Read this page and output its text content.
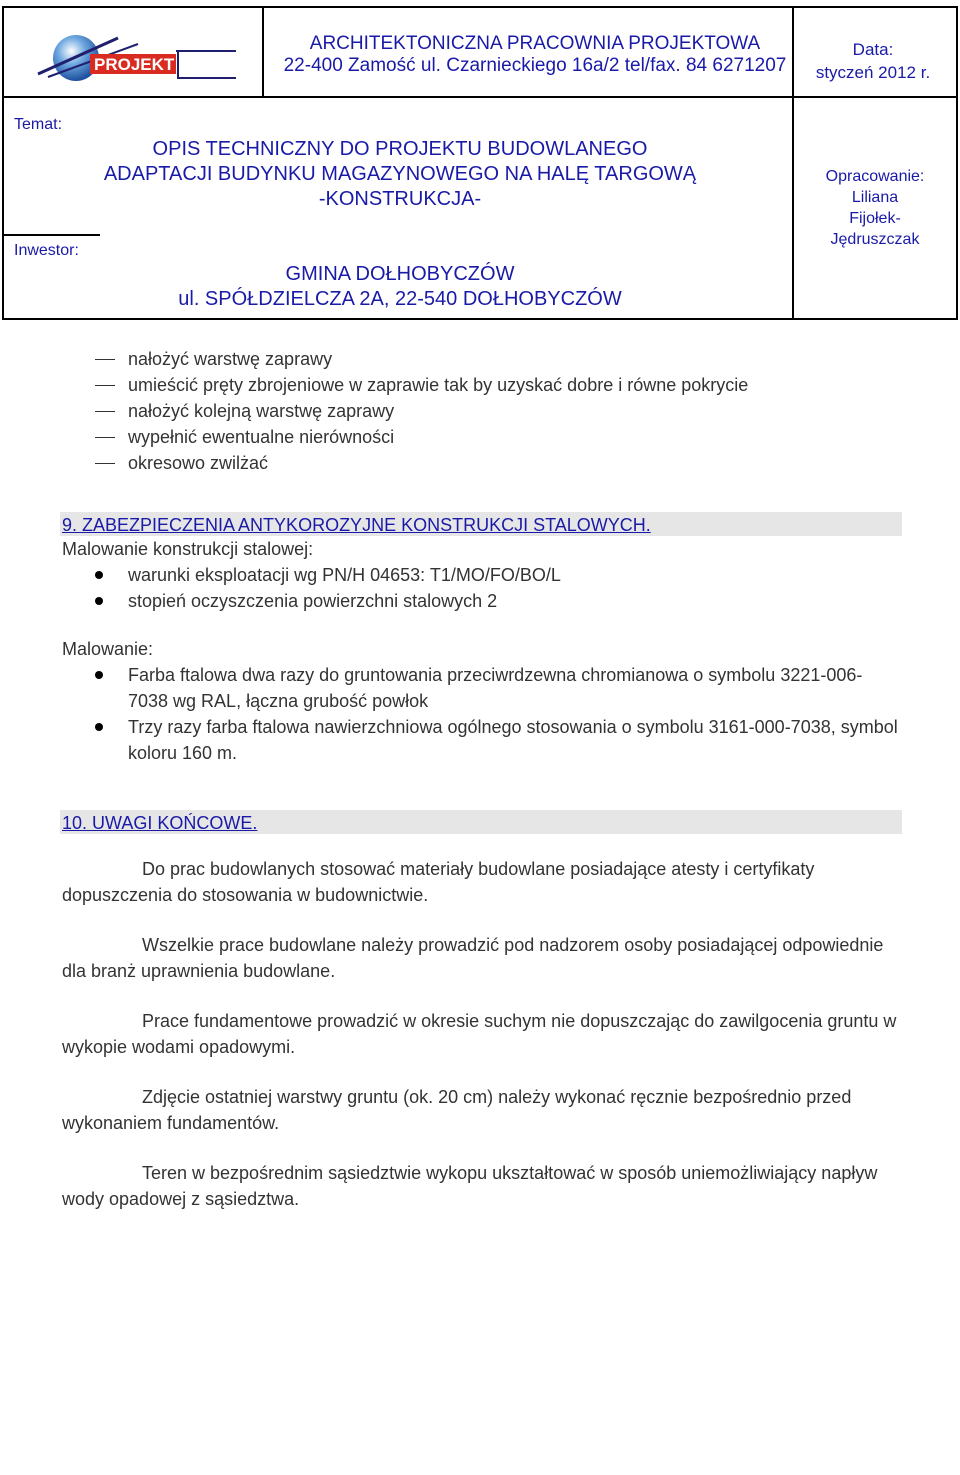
PROJEKT
ARCHITEKTONICZNA PRACOWNIA PROJEKTOWA
22-400 Zamość ul. Czarnieckiego 16a/2 tel/fax. 84 6271207
Data:
styczeń 2012 r.
Temat:
OPIS TECHNICZNY DO PROJEKTU BUDOWLANEGO
ADAPTACJI BUDYNKU MAGAZYNOWEGO NA HALĘ TARGOWĄ
-KONSTRUKCJA-
Inwestor:
GMINA DOŁHOBYCZÓW
ul. SPÓŁDZIELCZA 2A, 22-540 DOŁHOBYCZÓW
Opracowanie:
Liliana
Fijołek-
Jędruszczak
nałożyć warstwę zaprawy
umieścić pręty zbrojeniowe w zaprawie tak by uzyskać dobre i równe pokrycie
nałożyć kolejną warstwę zaprawy
wypełnić ewentualne nierówności
okresowo zwilżać
9. ZABEZPIECZENIA ANTYKOROZYJNE KONSTRUKCJI STALOWYCH.
Malowanie konstrukcji stalowej:
warunki eksploatacji wg PN/H 04653: T1/MO/FO/BO/L
stopień oczyszczenia powierzchni stalowych 2
Malowanie:
Farba ftalowa dwa razy do gruntowania przeciwrdzewna chromianowa o symbolu 3221-006-7038 wg RAL, łączna grubość powłok
Trzy razy farba ftalowa nawierzchniowa ogólnego stosowania o symbolu 3161-000-7038, symbol koloru 160 m.
10. UWAGI KOŃCOWE.
Do prac budowlanych stosować materiały budowlane posiadające atesty i certyfikaty dopuszczenia do stosowania w budownictwie.
Wszelkie prace budowlane należy prowadzić pod nadzorem osoby posiadającej odpowiednie dla branż uprawnienia budowlane.
Prace fundamentowe prowadzić w okresie suchym nie dopuszczając do zawilgocenia gruntu w wykopie wodami opadowymi.
Zdjęcie ostatniej warstwy gruntu (ok. 20 cm) należy wykonać ręcznie bezpośrednio przed wykonaniem fundamentów.
Teren w bezpośrednim sąsiedztwie wykopu ukształtować w sposób uniemożliwiający napływ wody opadowej z sąsiedztwa.
